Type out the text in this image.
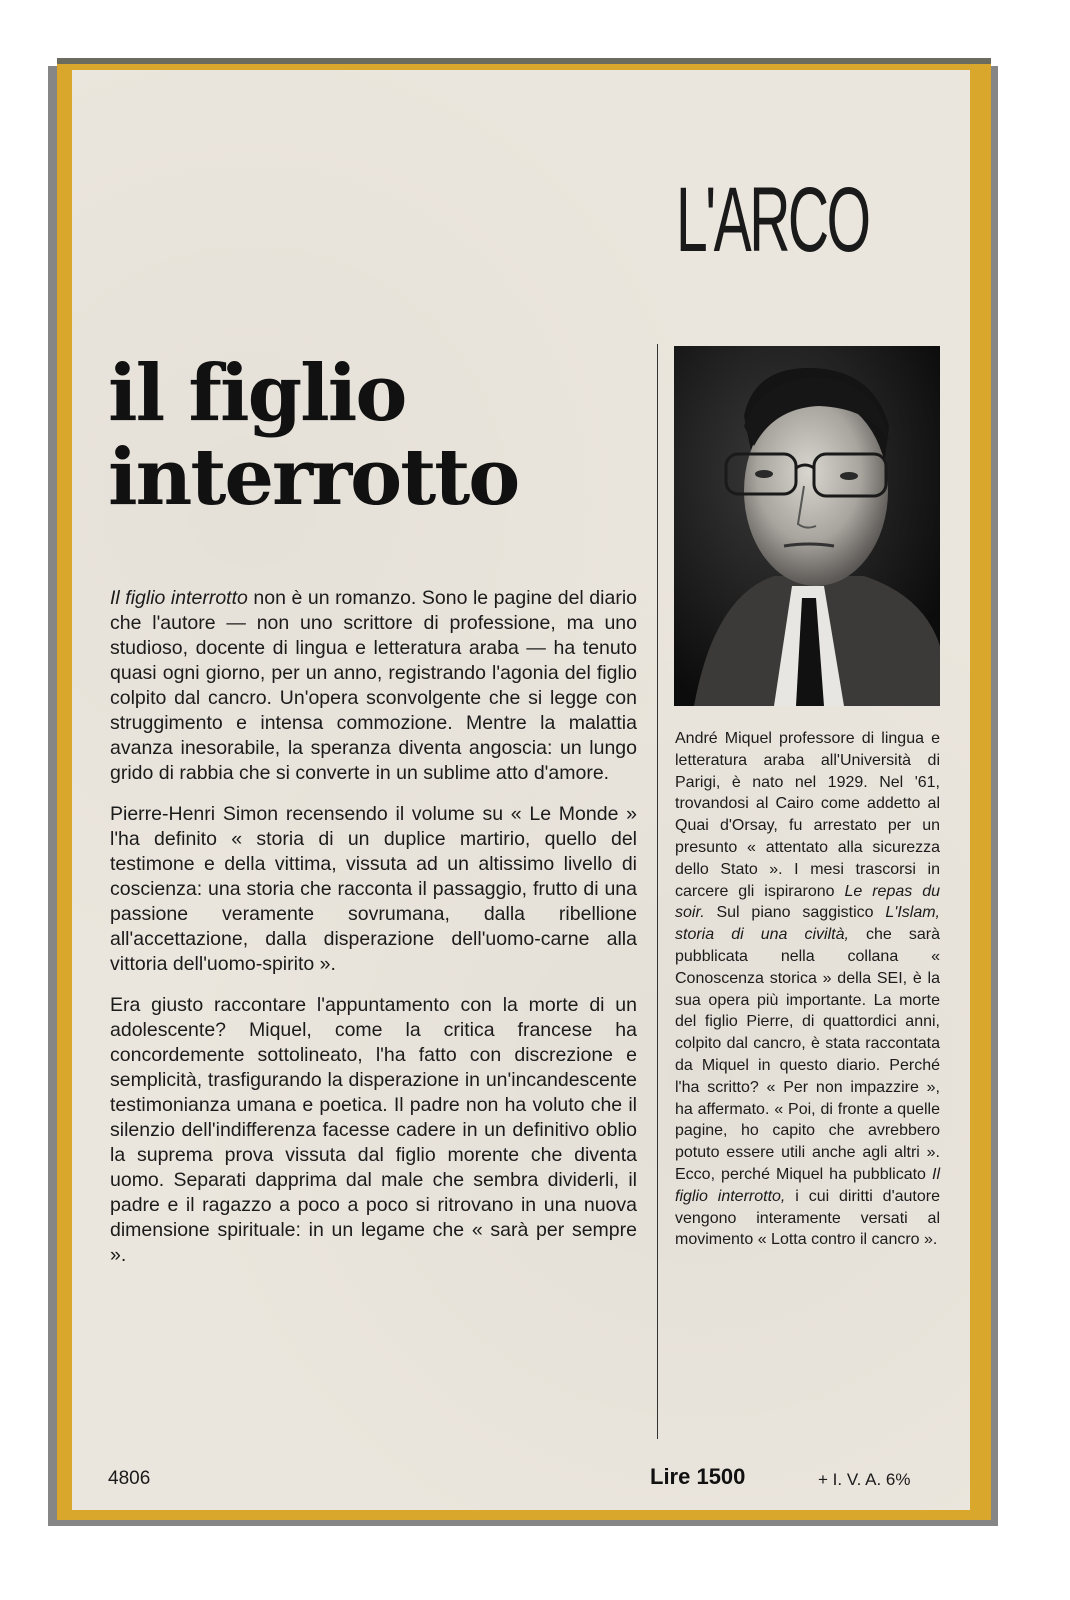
L'ARCO
il figlio
interrotto

Il figlio interrotto non è un romanzo. Sono le pagine del diario che l'autore — non uno scrittore di professione, ma uno studioso, docente di lingua e letteratura araba — ha tenuto quasi ogni giorno, per un anno, registrando l'agonia del figlio colpito dal cancro. Un'opera sconvolgente che si legge con struggimento e intensa commozione. Mentre la malattia avanza inesorabile, la speranza diventa angoscia: un lungo grido di rabbia che si converte in un sublime atto d'amore.

Pierre-Henri Simon recensendo il volume su « Le Monde » l'ha definito « storia di un duplice martirio, quello del testimone e della vittima, vissuta ad un altissimo livello di coscienza: una storia che racconta il passaggio, frutto di una passione veramente sovrumana, dalla ribellione all'accettazione, dalla disperazione dell'uomo-carne alla vittoria dell'uomo-spirito ».

Era giusto raccontare l'appuntamento con la morte di un adolescente? Miquel, come la critica francese ha concordemente sottolineato, l'ha fatto con discrezione e semplicità, trasfigurando la disperazione in un'incandescente testimonianza umana e poetica. Il padre non ha voluto che il silenzio dell'indifferenza facesse cadere in un definitivo oblio la suprema prova vissuta dal figlio morente che diventa uomo. Separati dapprima dal male che sembra dividerli, il padre e il ragazzo a poco a poco si ritrovano in una nuova dimensione spirituale: in un legame che « sarà per sempre ».

André Miquel professore di lingua e letteratura araba all'Università di Parigi, è nato nel 1929. Nel '61, trovandosi al Cairo come addetto al Quai d'Orsay, fu arrestato per un presunto « attentato alla sicurezza dello Stato ». I mesi trascorsi in carcere gli ispirarono Le repas du soir. Sul piano saggistico L'Islam, storia di una civiltà, che sarà pubblicata nella collana « Conoscenza storica » della SEI, è la sua opera più importante. La morte del figlio Pierre, di quattordici anni, colpito dal cancro, è stata raccontata da Miquel in questo diario. Perché l'ha scritto? « Per non impazzire », ha affermato. « Poi, di fronte a quelle pagine, ho capito che avrebbero potuto essere utili anche agli altri ». Ecco, perché Miquel ha pubblicato Il figlio interrotto, i cui diritti d'autore vengono interamente versati al movimento « Lotta contro il cancro ».

4806	Lire 1500	+ I. V. A. 6%
